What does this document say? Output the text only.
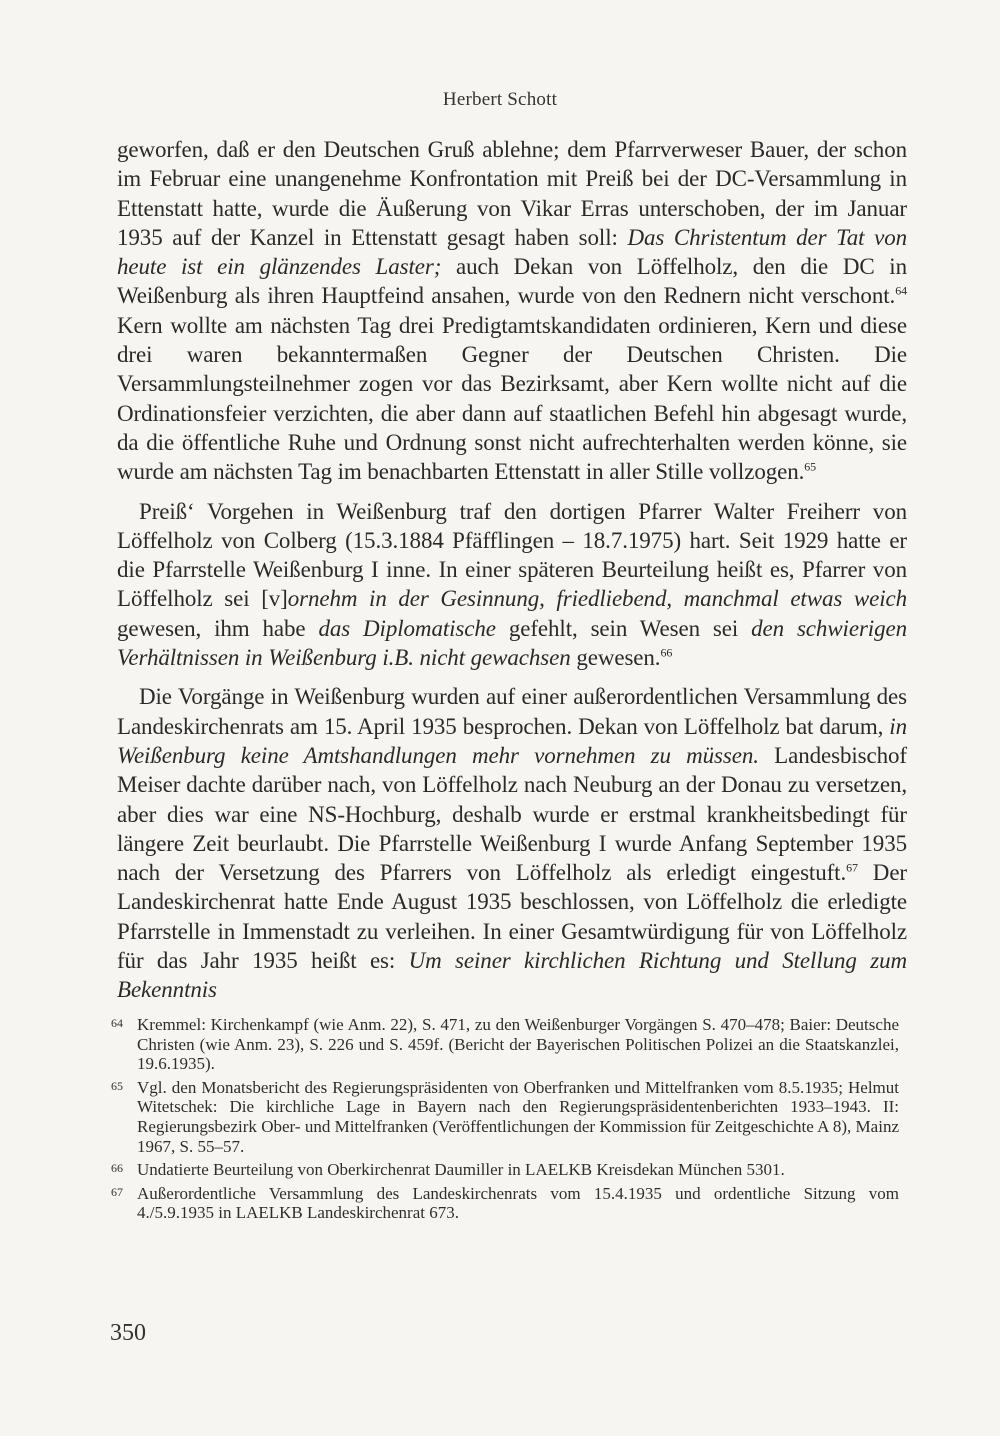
Herbert Schott

geworfen, daß er den Deutschen Gruß ablehne; dem Pfarrverweser Bauer, der schon im Februar eine unangenehme Konfrontation mit Preiß bei der DC-Versammlung in Ettenstatt hatte, wurde die Äußerung von Vikar Erras unterschoben, der im Januar 1935 auf der Kanzel in Ettenstatt gesagt haben soll: Das Christentum der Tat von heute ist ein glänzendes Laster; auch Dekan von Löffelholz, den die DC in Weißenburg als ihren Hauptfeind ansahen, wurde von den Rednern nicht verschont.$^{64}$ Kern wollte am nächsten Tag drei Predigtamtskandidaten ordinieren, Kern und diese drei waren bekanntermaßen Gegner der Deutschen Christen. Die Versammlungsteilnehmer zogen vor das Bezirksamt, aber Kern wollte nicht auf die Ordinationsfeier verzichten, die aber dann auf staatlichen Befehl hin abgesagt wurde, da die öffentliche Ruhe und Ordnung sonst nicht aufrechterhalten werden könne, sie wurde am nächsten Tag im benachbarten Ettenstatt in aller Stille vollzogen.$^{65}$

Preiß‘ Vorgehen in Weißenburg traf den dortigen Pfarrer Walter Freiherr von Löffelholz von Colberg (15.3.1884 Pfäfflingen – 18.7.1975) hart. Seit 1929 hatte er die Pfarrstelle Weißenburg I inne. In einer späteren Beurteilung heißt es, Pfarrer von Löffelholz sei [v]ornehm in der Gesinnung, friedliebend, manchmal etwas weich gewesen, ihm habe das Diplomatische gefehlt, sein Wesen sei den schwierigen Verhältnissen in Weißenburg i.B. nicht gewachsen gewesen.$^{66}$

Die Vorgänge in Weißenburg wurden auf einer außerordentlichen Versammlung des Landeskirchenrats am 15. April 1935 besprochen. Dekan von Löffelholz bat darum, in Weißenburg keine Amtshandlungen mehr vornehmen zu müssen. Landesbischof Meiser dachte darüber nach, von Löffelholz nach Neuburg an der Donau zu versetzen, aber dies war eine NS-Hochburg, deshalb wurde er erstmal krankheitsbedingt für längere Zeit beurlaubt. Die Pfarrstelle Weißenburg I wurde Anfang September 1935 nach der Versetzung des Pfarrers von Löffelholz als erledigt eingestuft.$^{67}$ Der Landeskirchenrat hatte Ende August 1935 beschlossen, von Löffelholz die erledigte Pfarrstelle in Immenstadt zu verleihen. In einer Gesamtwürdigung für von Löffelholz für das Jahr 1935 heißt es: Um seiner kirchlichen Richtung und Stellung zum Bekenntnis

64 Kremmel: Kirchenkampf (wie Anm. 22), S. 471, zu den Weißenburger Vorgängen S. 470–478; Baier: Deutsche Christen (wie Anm. 23), S. 226 und S. 459f. (Bericht der Bayerischen Politischen Polizei an die Staatskanzlei, 19.6.1935).
65 Vgl. den Monatsbericht des Regierungspräsidenten von Oberfranken und Mittelfranken vom 8.5.1935; Helmut Witetschek: Die kirchliche Lage in Bayern nach den Regierungspräsidentenberichten 1933–1943. II: Regierungsbezirk Ober- und Mittelfranken (Veröffentlichungen der Kommission für Zeitgeschichte A 8), Mainz 1967, S. 55–57.
66 Undatierte Beurteilung von Oberkirchenrat Daumiller in LAELKB Kreisdekan München 5301.
67 Außerordentliche Versammlung des Landeskirchenrats vom 15.4.1935 und ordentliche Sitzung vom 4./5.9.1935 in LAELKB Landeskirchenrat 673.
350
